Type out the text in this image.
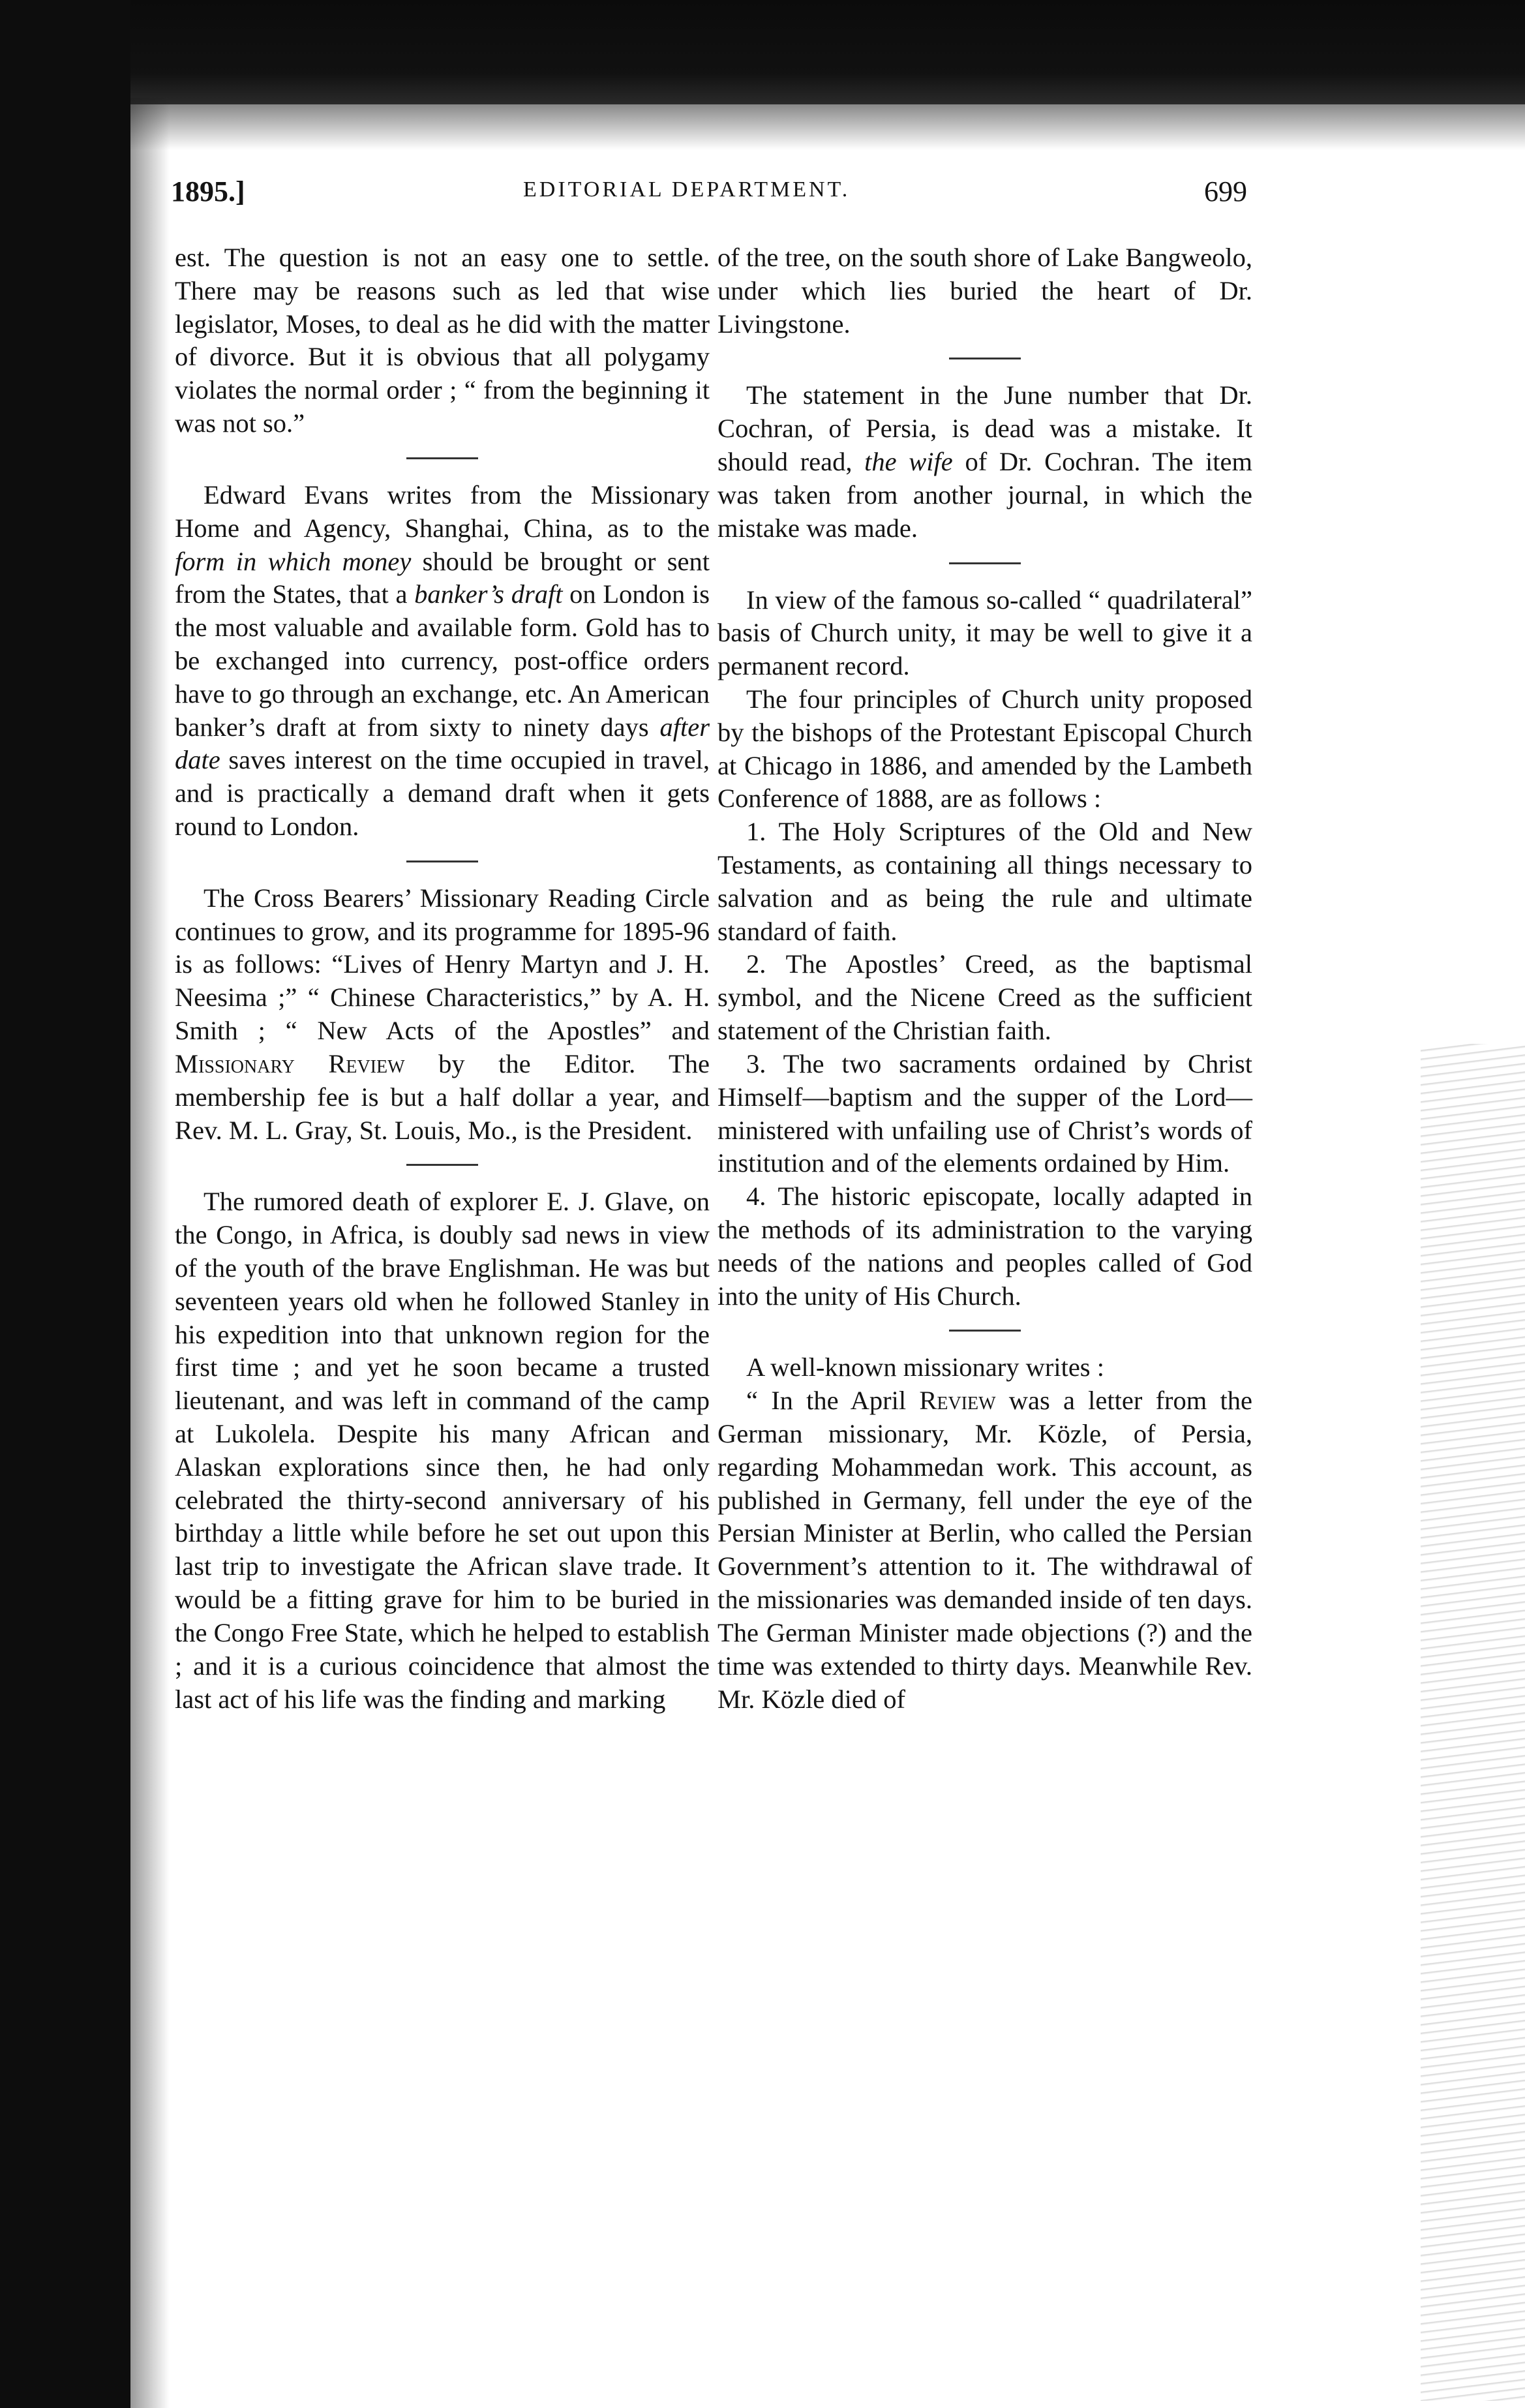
1895.]	EDITORIAL DEPARTMENT.	699

est. The question is not an easy one to settle. There may be reasons such as led that wise legislator, Moses, to deal as he did with the matter of divorce. But it is obvious that all polygamy violates the normal order ; “ from the beginning it was not so.”

Edward Evans writes from the Missionary Home and Agency, Shanghai, China, as to the form in which money should be brought or sent from the States, that a banker’s draft on London is the most valuable and available form. Gold has to be exchanged into currency, post-office orders have to go through an exchange, etc. An American banker’s draft at from sixty to ninety days after date saves interest on the time occupied in travel, and is practically a demand draft when it gets round to London.

The Cross Bearers’ Missionary Reading Circle continues to grow, and its programme for 1895-96 is as follows: “Lives of Henry Martyn and J. H. Neesima ;” “ Chinese Characteristics,” by A. H. Smith ; “ New Acts of the Apostles” and Missionary Review by the Editor. The membership fee is but a half dollar a year, and Rev. M. L. Gray, St. Louis, Mo., is the President.

The rumored death of explorer E. J. Glave, on the Congo, in Africa, is doubly sad news in view of the youth of the brave Englishman. He was but seventeen years old when he followed Stanley in his expedition into that unknown region for the first time ; and yet he soon became a trusted lieutenant, and was left in command of the camp at Lukolela. Despite his many African and Alaskan explorations since then, he had only celebrated the thirty-second anniversary of his birthday a little while before he set out upon this last trip to investigate the African slave trade. It would be a fitting grave for him to be buried in the Congo Free State, which he helped to establish ; and it is a curious coincidence that almost the last act of his life was the finding and marking

of the tree, on the south shore of Lake Bangweolo, under which lies buried the heart of Dr. Livingstone.

The statement in the June number that Dr. Cochran, of Persia, is dead was a mistake. It should read, the wife of Dr. Cochran. The item was taken from another journal, in which the mistake was made.

In view of the famous so-called “ quadrilateral” basis of Church unity, it may be well to give it a permanent record.

The four principles of Church unity proposed by the bishops of the Protestant Episcopal Church at Chicago in 1886, and amended by the Lambeth Conference of 1888, are as follows :

1. The Holy Scriptures of the Old and New Testaments, as containing all things necessary to salvation and as being the rule and ultimate standard of faith.

2. The Apostles’ Creed, as the baptismal symbol, and the Nicene Creed as the sufficient statement of the Christian faith.

3. The two sacraments ordained by Christ Himself—baptism and the supper of the Lord—ministered with unfailing use of Christ’s words of institution and of the elements ordained by Him.

4. The historic episcopate, locally adapted in the methods of its administration to the varying needs of the nations and peoples called of God into the unity of His Church.

A well-known missionary writes :

“ In the April Review was a letter from the German missionary, Mr. Közle, of Persia, regarding Mohammedan work. This account, as published in Germany, fell under the eye of the Persian Minister at Berlin, who called the Persian Government’s attention to it. The withdrawal of the missionaries was demanded inside of ten days. The German Minister made objections (?) and the time was extended to thirty days. Meanwhile Rev. Mr. Közle died of
